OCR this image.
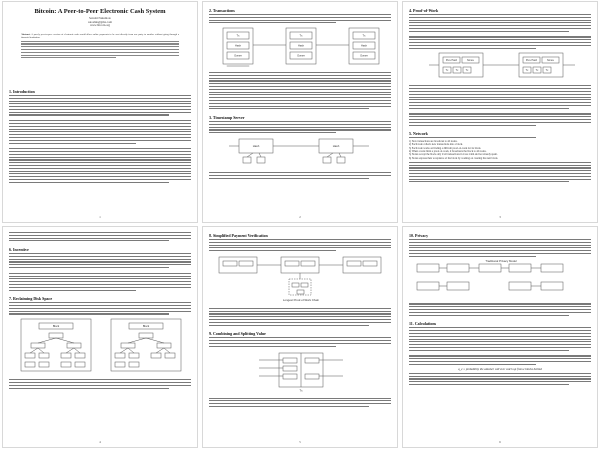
Bitcoin: A Peer-to-Peer Electronic Cash System
Satoshi Nakamoto
satoshin@gmx.com
www.bitcoin.org
Abstract. A purely peer-to-peer version of electronic cash would allow online payments to be sent directly from one party to another without going through a financial institution.
1. Introduction
1
2. Transactions
Tx	Tx	Tx
Hash	Hash	Hash
Owner	Owner	Owner
3. Timestamp Server
Hash	Hash
2
4. Proof-of-Work
Prev Hash	Nonce	Prev Hash	Nonce
Tx	Tx	Tx	Tx	Tx	Tx
5. Network
1) New transactions are broadcast to all nodes.
2) Each node collects new transactions into a block.
3) Each node works on finding a difficult proof-of-work for its block.
4) When a node finds a proof-of-work, it broadcasts the block to all nodes.
5) Nodes accept the block only if all transactions in it are valid and not already spent.
6) Nodes express their acceptance of the block by working on creating the next block.
3
6. Incentive
7. Reclaiming Disk Space
Block	Block
4
8. Simplified Payment Verification
Longest Proof-of-Work Chain
9. Combining and Splitting Value
Tx
5
10. Privacy
Traditional Privacy Model
11. Calculations
q_z = probability the attacker will ever catch up from z blocks behind
6
